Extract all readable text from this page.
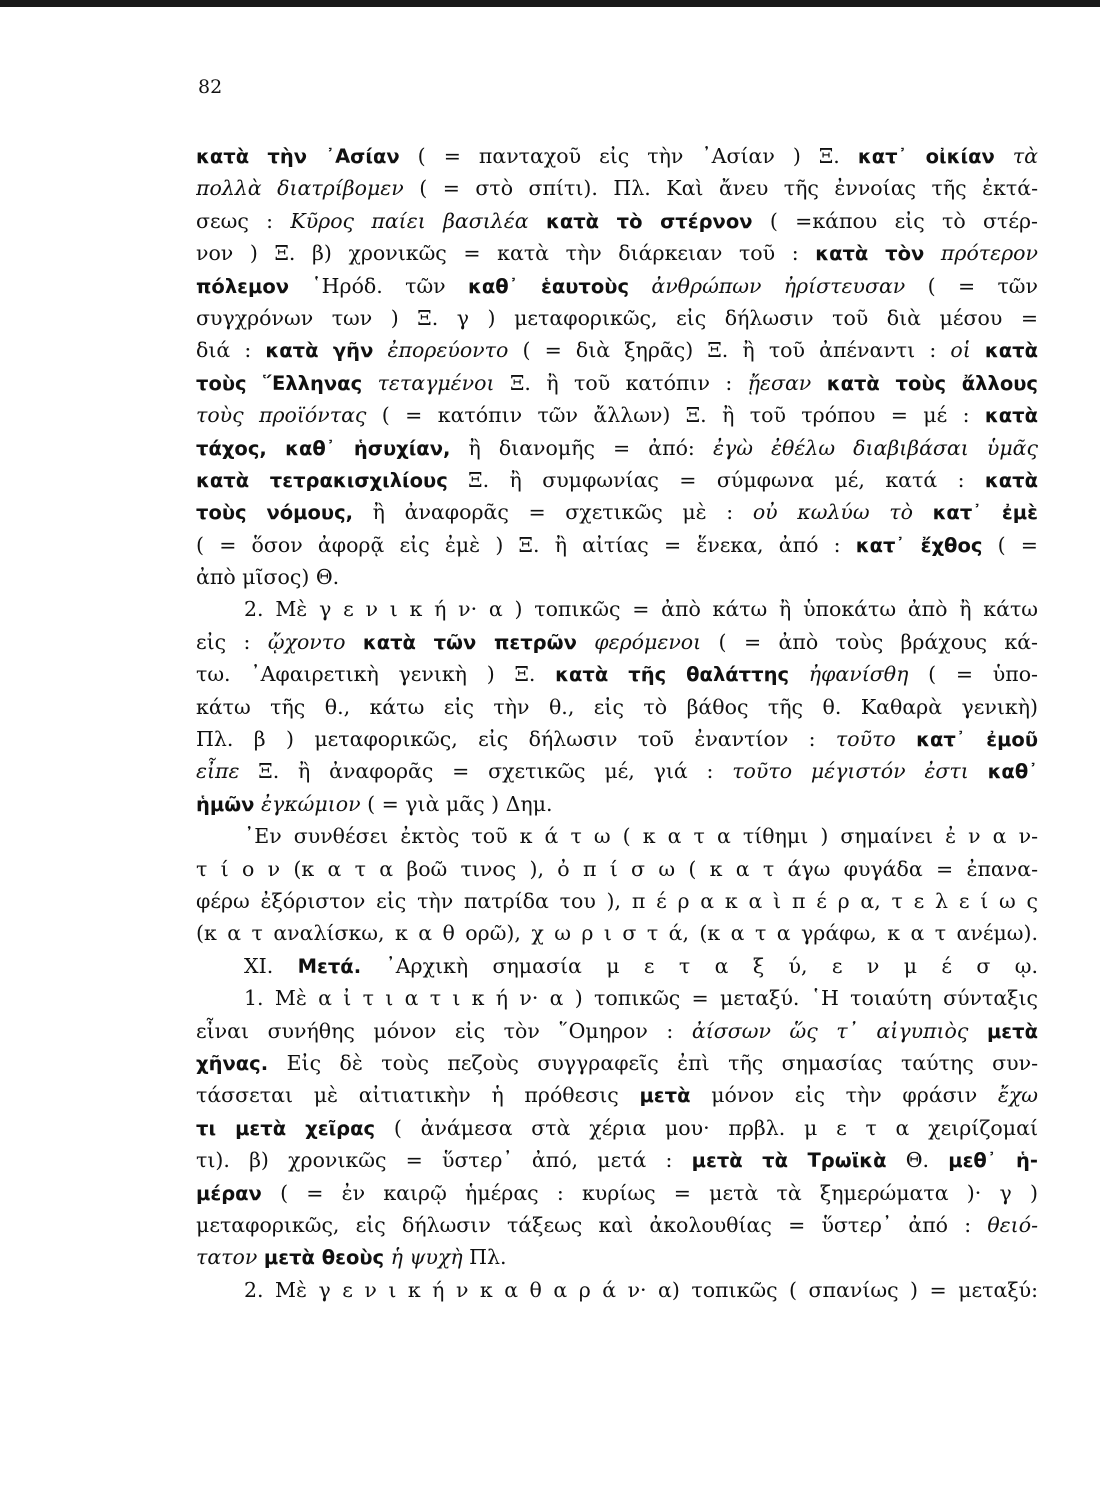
82
κατὰ τὴν ᾿Ασίαν ( = πανταχοῦ εἰς τὴν ᾿Ασίαν ) Ξ. κατ᾿ οἰκίαν τὰ
πολλὰ διατρίβομεν ( = στὸ σπίτι). Πλ. Καὶ ἄνευ τῆς ἐννοίας τῆς ἐκτά-
σεως : Κῦρος παίει βασιλέα κατὰ τὸ στέρνον ( =κάπου εἰς τὸ στέρ-
νον ) Ξ. β) χρονικῶς = κατὰ τὴν διάρκειαν τοῦ : κατὰ τὸν πρότερον
πόλεμον ῾Ηρόδ. τῶν καθ᾿ ἑαυτοὺς ἀνθρώπων ἠρίστευσαν ( = τῶν
συγχρόνων των ) Ξ. γ ) μεταφορικῶς, εἰς δήλωσιν τοῦ διὰ μέσου =
διά : κατὰ γῆν ἐπορεύοντο ( = διὰ ξηρᾶς) Ξ. ἢ τοῦ ἀπέναντι : οἱ κατὰ
τοὺς ῞Ελληνας τεταγμένοι Ξ. ἢ τοῦ κατόπιν : ᾔεσαν κατὰ τοὺς ἄλλους
τοὺς προϊόντας ( = κατόπιν τῶν ἄλλων) Ξ. ἢ τοῦ τρόπου = μέ : κατὰ
τάχος, καθ᾿ ἡσυχίαν, ἢ διανομῆς = ἀπό: ἐγὼ ἐθέλω διαβιβάσαι ὑμᾶς
κατὰ τετρακισχιλίους Ξ. ἢ συμφωνίας = σύμφωνα μέ, κατά : κατὰ
τοὺς νόμους, ἢ ἀναφορᾶς = σχετικῶς μὲ : οὐ κωλύω τὸ κατ᾿ ἐμὲ
( = ὅσον ἀφορᾷ εἰς ἐμὲ ) Ξ. ἢ αἰτίας = ἕνεκα, ἀπό : κατ᾿ ἔχθος ( =
ἀπὸ μῖσος) Θ.
2. Μὲ γ ε ν ι κ ή ν· α ) τοπικῶς = ἀπὸ κάτω ἢ ὑποκάτω ἀπὸ ἢ κάτω
εἰς : ᾤχοντο κατὰ τῶν πετρῶν φερόμενοι ( = ἀπὸ τοὺς βράχους κά-
τω. ᾿Αφαιρετικὴ γενικὴ ) Ξ. κατὰ τῆς θαλάττης ἠφανίσθη ( = ὑπο-
κάτω τῆς θ., κάτω εἰς τὴν θ., εἰς τὸ βάθος τῆς θ. Καθαρὰ γενικὴ)
Πλ. β ) μεταφορικῶς, εἰς δήλωσιν τοῦ ἐναντίον : τοῦτο κατ᾿ ἐμοῦ
εἶπε Ξ. ἢ ἀναφορᾶς = σχετικῶς μέ, γιά : τοῦτο μέγιστόν ἐστι καθ᾿
ἡμῶν ἐγκώμιον ( = γιὰ μᾶς ) Δημ.
᾿Εν συνθέσει ἐκτὸς τοῦ κ ά τ ω ( κ α τ α τίθημι ) σημαίνει ἐ ν α ν-
τ ί ο ν (κ α τ α βοῶ τινος ), ὀ π ί σ ω ( κ α τ άγω φυγάδα = ἐπανα-
φέρω ἐξόριστον εἰς τὴν πατρίδα του ), π έ ρ α κ α ὶ π έ ρ α, τ ε λ ε ί ω ς
(κ α τ αναλίσκω, κ α θ ορῶ), χ ω ρ ι σ τ ά, (κ α τ α γράφω, κ α τ ανέμω).
XI. Μετά. ᾿Αρχικὴ σημασία μ ε τ α ξ ύ, ε ν μ έ σ ῳ.
1. Μὲ α ἰ τ ι α τ ι κ ή ν· α ) τοπικῶς = μεταξύ. ῾Η τοιαύτη σύνταξις
εἶναι συνήθης μόνον εἰς τὸν ῞Ομηρον : ἀίσσων ὥς τ᾿ αἰγυπιὸς μετὰ
χῆνας. Εἰς δὲ τοὺς πεζοὺς συγγραφεῖς ἐπὶ τῆς σημασίας ταύτης συν-
τάσσεται μὲ αἰτιατικὴν ἡ πρόθεσις μετὰ μόνον εἰς τὴν φράσιν ἔχω
τι μετὰ χεῖρας ( ἀνάμεσα στὰ χέρια μου· πρβλ. μ ε τ α χειρίζομαί
τι). β) χρονικῶς = ὕστερ᾿ ἀπό, μετά : μετὰ τὰ Τρωϊκὰ Θ. μεθ᾿ ἡ-
μέραν ( = ἐν καιρῷ ἡμέρας : κυρίως = μετὰ τὰ ξημερώματα )· γ )
μεταφορικῶς, εἰς δήλωσιν τάξεως καὶ ἀκολουθίας = ὕστερ᾿ ἀπό : θειό-
τατον μετὰ θεοὺς ἡ ψυχὴ Πλ.
2. Μὲ γ ε ν ι κ ή ν κ α θ α ρ ά ν· α) τοπικῶς ( σπανίως ) = μεταξύ:
